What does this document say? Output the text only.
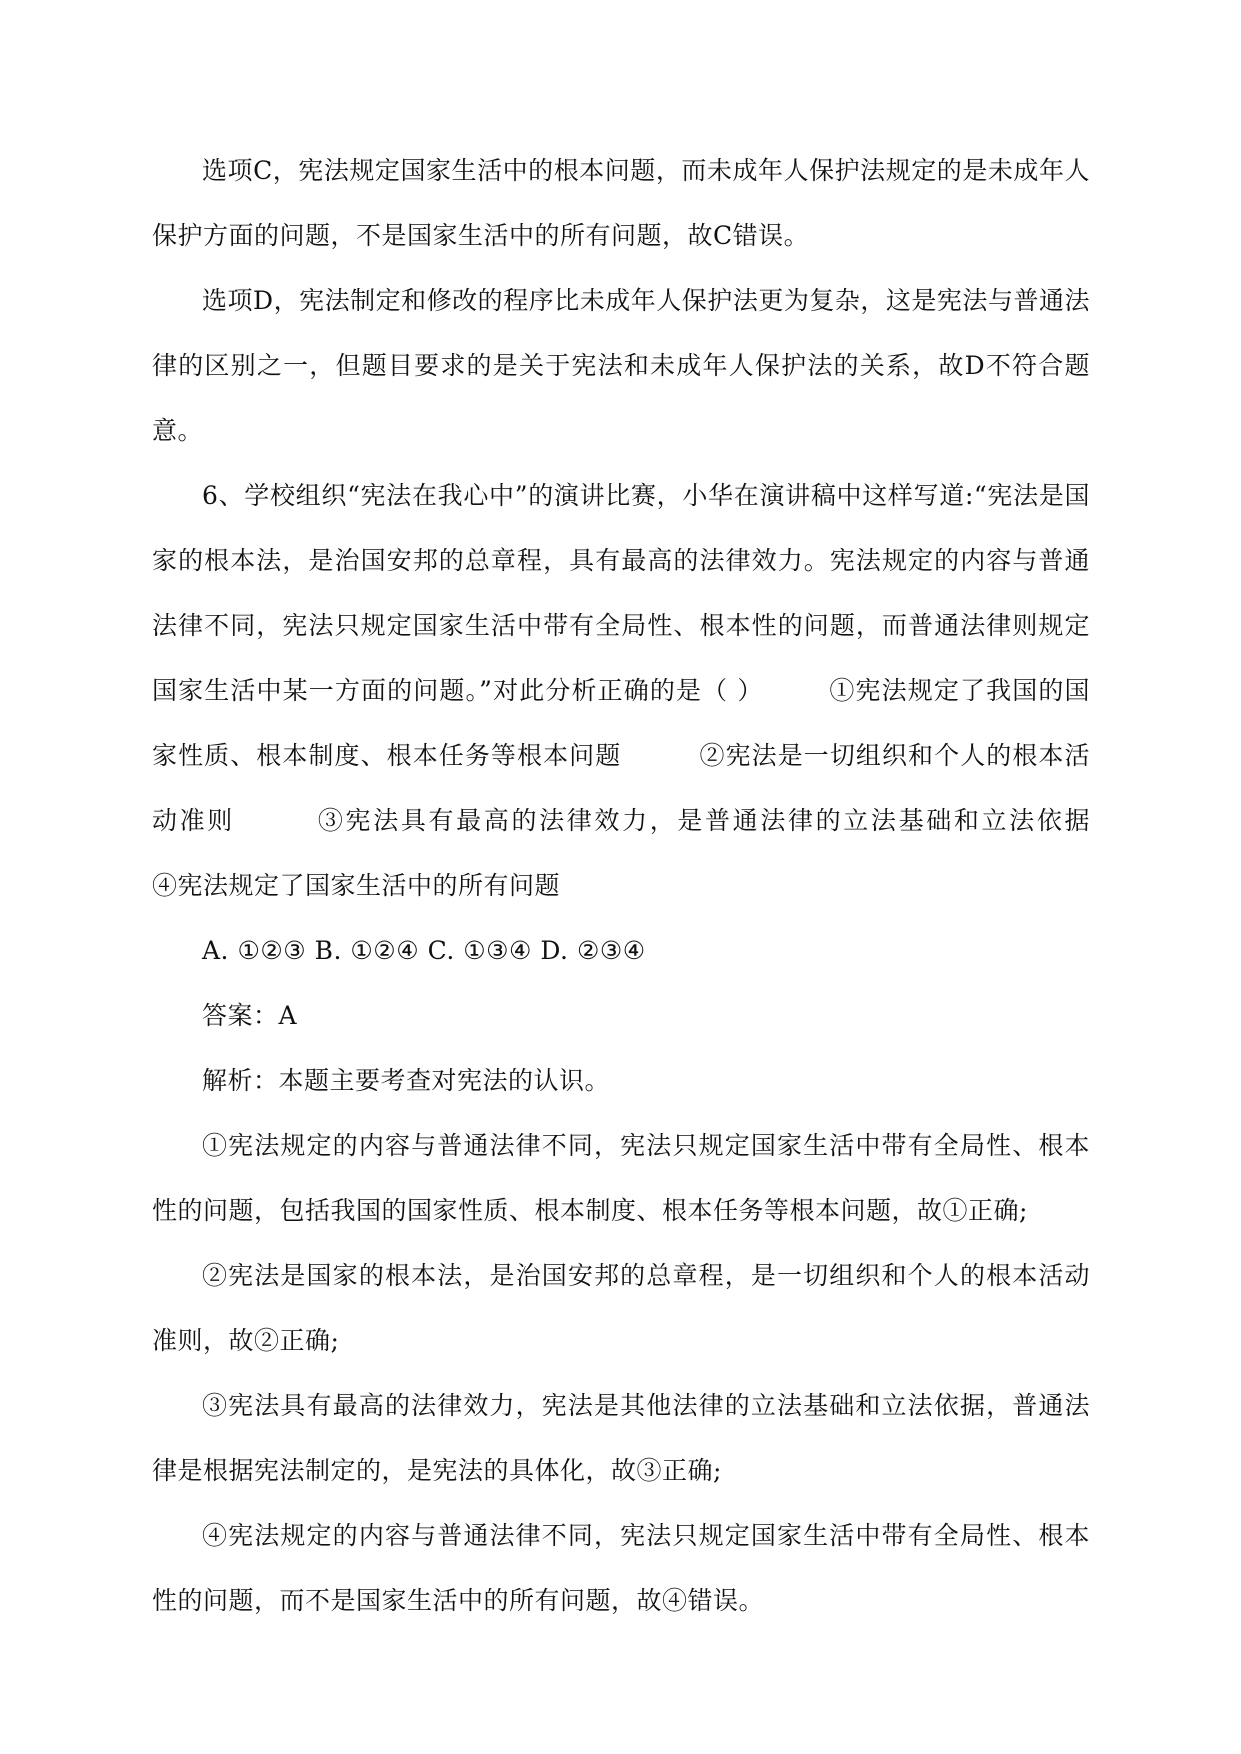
选项C，宪法规定国家生活中的根本问题，而未成年人保护法规定的是未成年人保护方面的问题，不是国家生活中的所有问题，故C错误。

选项D，宪法制定和修改的程序比未成年人保护法更为复杂，这是宪法与普通法律的区别之一，但题目要求的是关于宪法和未成年人保护法的关系，故D不符合题意。

6、学校组织“宪法在我心中”的演讲比赛，小华在演讲稿中这样写道:“宪法是国家的根本法，是治国安邦的总章程，具有最高的法律效力。宪法规定的内容与普通法律不同，宪法只规定国家生活中带有全局性、根本性的问题，而普通法律则规定国家生活中某一方面的问题。”对此分析正确的是（ ）　　　①宪法规定了我国的国家性质、根本制度、根本任务等根本问题　　　②宪法是一切组织和个人的根本活动准则　　　③宪法具有最高的法律效力，是普通法律的立法基础和立法依据　　　④宪法规定了国家生活中的所有问题

A. ①②③ B. ①②④ C. ①③④ D. ②③④

答案：A

解析：本题主要考查对宪法的认识。

①宪法规定的内容与普通法律不同，宪法只规定国家生活中带有全局性、根本性的问题，包括我国的国家性质、根本制度、根本任务等根本问题，故①正确;

②宪法是国家的根本法，是治国安邦的总章程，是一切组织和个人的根本活动准则，故②正确;

③宪法具有最高的法律效力，宪法是其他法律的立法基础和立法依据，普通法律是根据宪法制定的，是宪法的具体化，故③正确;

④宪法规定的内容与普通法律不同，宪法只规定国家生活中带有全局性、根本性的问题，而不是国家生活中的所有问题，故④错误。
